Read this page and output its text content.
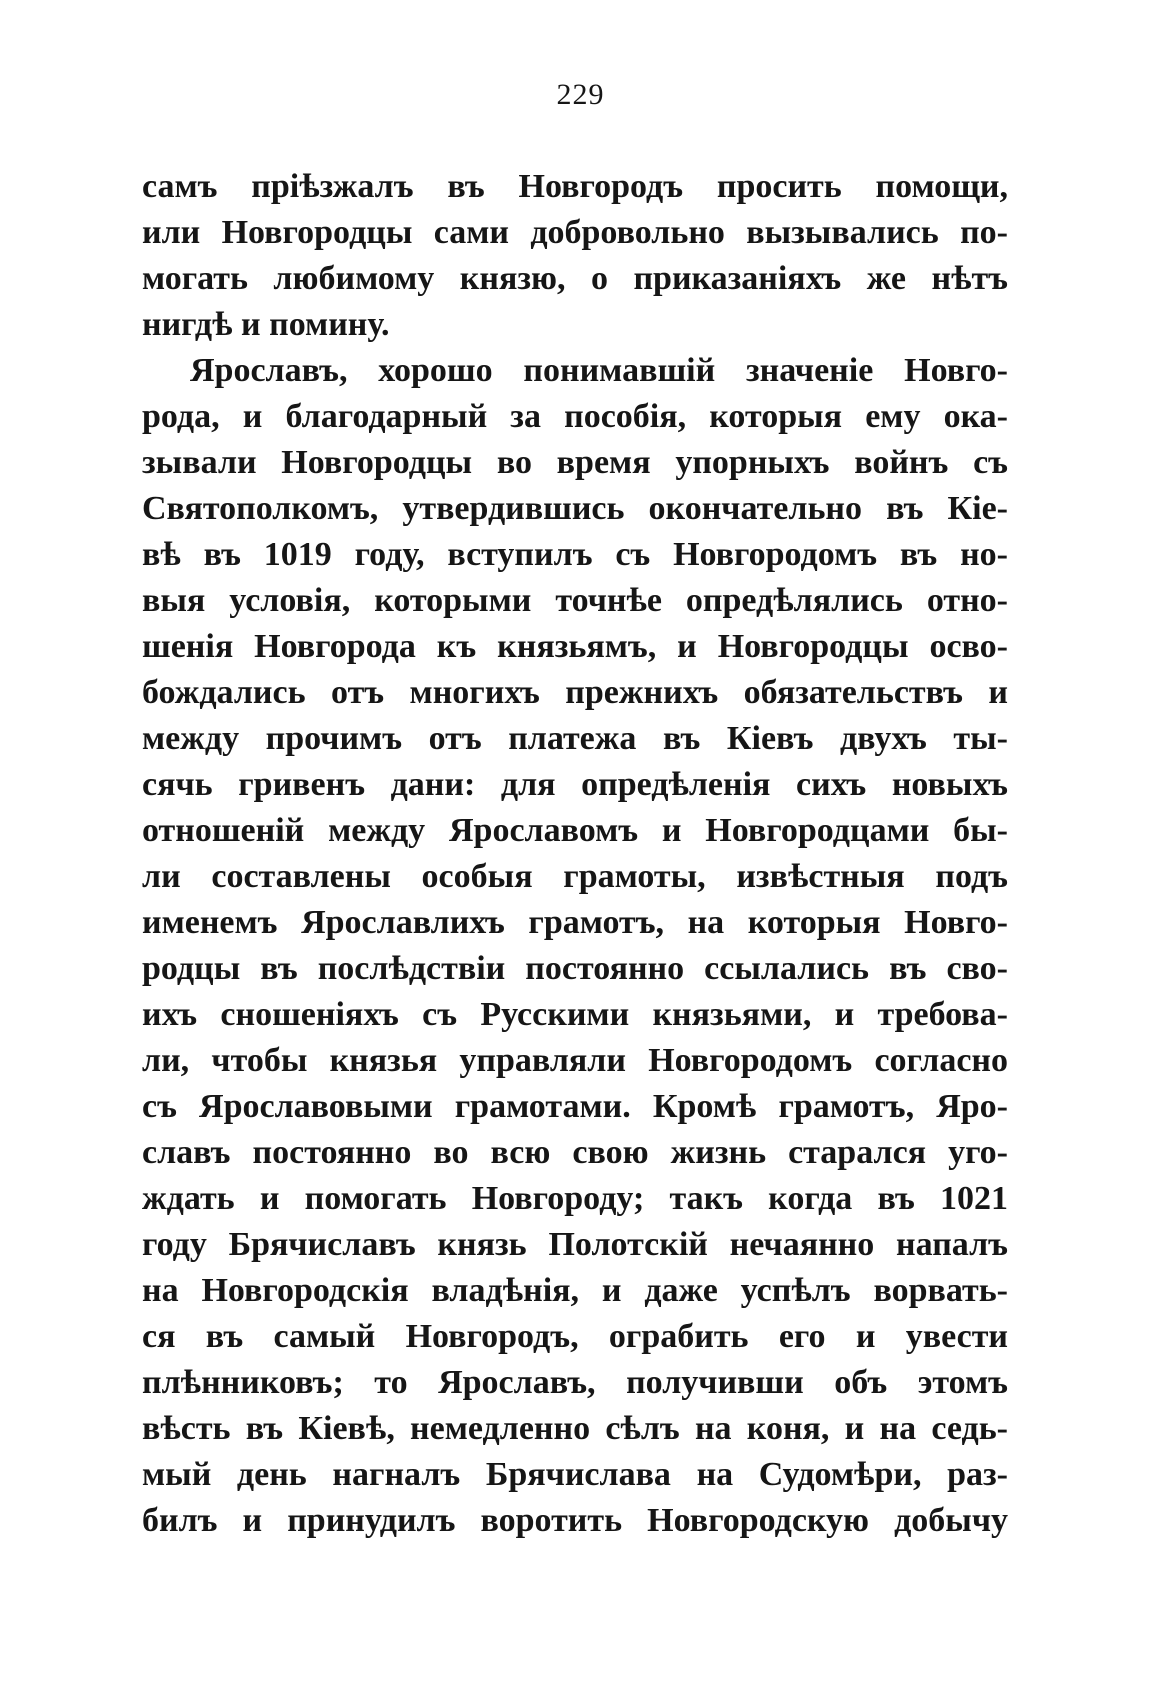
229
самъ пріѣзжалъ въ Новгородъ просить помощи,
или Новгородцы сами добровольно вызывались по-
могать любимому князю, о приказаніяхъ же нѣтъ
нигдѣ и помину.
Ярославъ, хорошо понимавшій значеніе Новго-
рода, и благодарный за пособія, которыя ему ока-
зывали Новгородцы во время упорныхъ войнъ съ
Святополкомъ, утвердившись окончательно въ Кіе-
вѣ въ 1019 году, вступилъ съ Новгородомъ въ но-
выя условія, которыми точнѣе опредѣлялись отно-
шенія Новгорода къ князьямъ, и Новгородцы осво-
бождались отъ многихъ прежнихъ обязательствъ и
между прочимъ отъ платежа въ Кіевъ двухъ ты-
сячь гривенъ дани: для опредѣленія сихъ новыхъ
отношеній между Ярославомъ и Новгородцами бы-
ли составлены особыя грамоты, извѣстныя подъ
именемъ Ярославлихъ грамотъ, на которыя Новго-
родцы въ послѣдствіи постоянно ссылались въ сво-
ихъ сношеніяхъ съ Русскими князьями, и требова-
ли, чтобы князья управляли Новгородомъ согласно
съ Ярославовыми грамотами. Кромѣ грамотъ, Яро-
славъ постоянно во всю свою жизнь старался уго-
ждать и помогать Новгороду; такъ когда въ 1021
году Брячиславъ князь Полотскій нечаянно напалъ
на Новгородскія владѣнія, и даже успѣлъ ворвать-
ся въ самый Новгородъ, ограбить его и увести
плѣнниковъ; то Ярославъ, получивши объ этомъ
вѣсть въ Кіевѣ, немедленно сѣлъ на коня, и на седь-
мый день нагналъ Брячислава на Судомѣри, раз-
билъ и принудилъ воротить Новгородскую добычу
